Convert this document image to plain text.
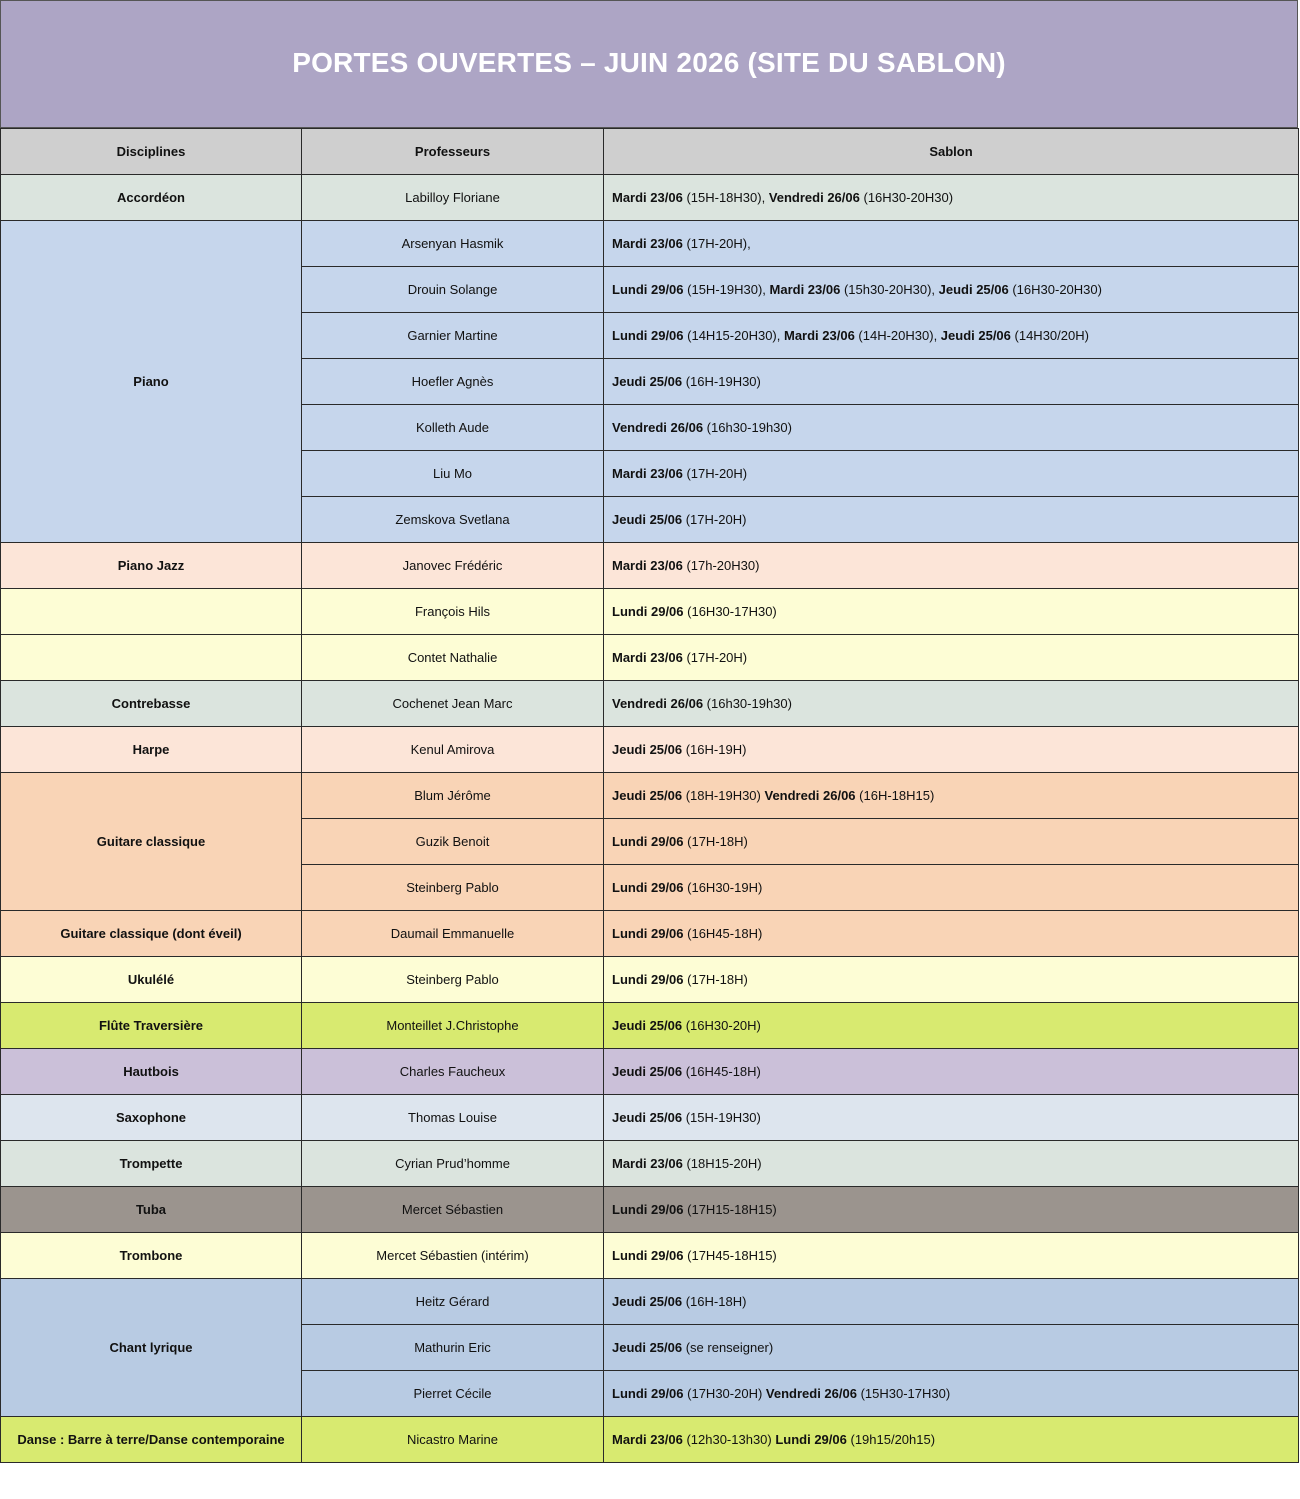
PORTES OUVERTES – JUIN 2026 (SITE DU SABLON)
Disciplines	Professeurs	Sablon
Accordéon	Labilloy Floriane	Mardi 23/06 (15H-18H30), Vendredi 26/06 (16H30-20H30)
Piano	Arsenyan Hasmik	Mardi 23/06 (17H-20H),
	Drouin Solange	Lundi 29/06 (15H-19H30), Mardi 23/06 (15h30-20H30), Jeudi 25/06 (16H30-20H30)
	Garnier Martine	Lundi 29/06 (14H15-20H30), Mardi 23/06 (14H-20H30), Jeudi 25/06 (14H30/20H)
	Hoefler Agnès	Jeudi 25/06 (16H-19H30)
	Kolleth Aude	Vendredi 26/06 (16h30-19h30)
	Liu Mo	Mardi 23/06 (17H-20H)
	Zemskova Svetlana	Jeudi 25/06 (17H-20H)
Piano Jazz	Janovec Frédéric	Mardi 23/06 (17h-20H30)
	François Hils	Lundi 29/06 (16H30-17H30)
	Contet Nathalie	Mardi 23/06 (17H-20H)
Contrebasse	Cochenet Jean Marc	Vendredi 26/06 (16h30-19h30)
Harpe	Kenul Amirova	Jeudi 25/06 (16H-19H)
Guitare classique	Blum Jérôme	Jeudi 25/06 (18H-19H30) Vendredi 26/06 (16H-18H15)
	Guzik Benoit	Lundi 29/06 (17H-18H)
	Steinberg Pablo	Lundi 29/06 (16H30-19H)
Guitare classique (dont éveil)	Daumail Emmanuelle	Lundi 29/06 (16H45-18H)
Ukulélé	Steinberg Pablo	Lundi 29/06 (17H-18H)
Flûte Traversière	Monteillet J.Christophe	Jeudi 25/06 (16H30-20H)
Hautbois	Charles Faucheux	Jeudi 25/06 (16H45-18H)
Saxophone	Thomas Louise	Jeudi 25/06 (15H-19H30)
Trompette	Cyrian Prud’homme	Mardi 23/06 (18H15-20H)
Tuba	Mercet Sébastien	Lundi 29/06 (17H15-18H15)
Trombone	Mercet Sébastien (intérim)	Lundi 29/06 (17H45-18H15)
Chant lyrique	Heitz Gérard	Jeudi 25/06 (16H-18H)
	Mathurin Eric	Jeudi 25/06 (se renseigner)
	Pierret Cécile	Lundi 29/06 (17H30-20H) Vendredi 26/06 (15H30-17H30)
Danse : Barre à terre/Danse contemporaine	Nicastro Marine	Mardi 23/06 (12h30-13h30) Lundi 29/06 (19h15/20h15)
